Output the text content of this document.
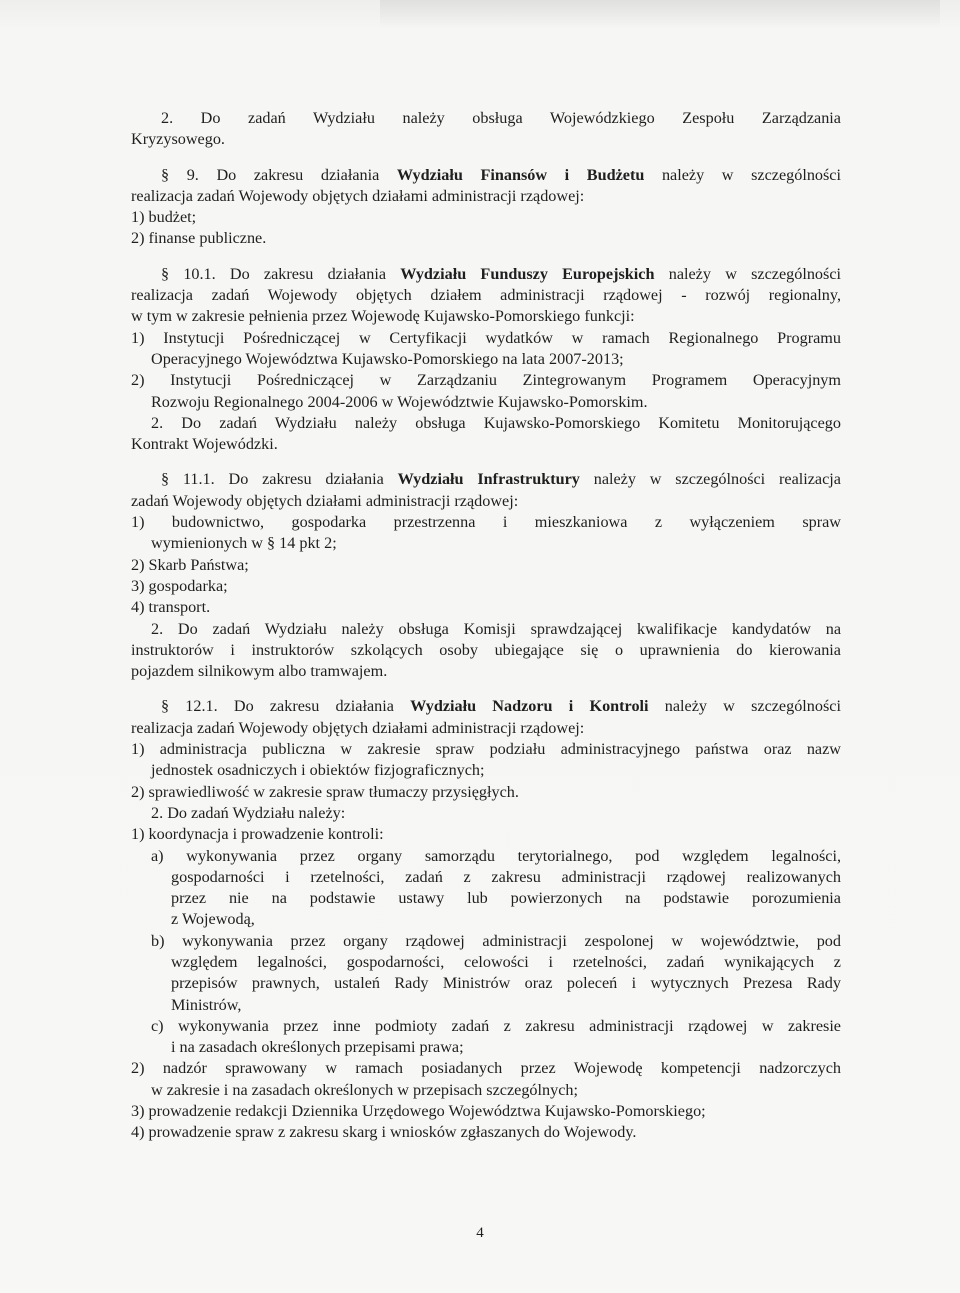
2. Do zadań Wydziału należy obsługa Wojewódzkiego Zespołu Zarządzania
Kryzysowego.
§ 9. Do zakresu działania Wydziału Finansów i Budżetu należy w szczególności
realizacja zadań Wojewody objętych działami administracji rządowej:
1) budżet;
2) finanse publiczne.
§ 10.1. Do zakresu działania Wydziału Funduszy Europejskich należy w szczególności
realizacja zadań Wojewody objętych działem administracji rządowej - rozwój regionalny,
w tym w zakresie pełnienia przez Wojewodę Kujawsko-Pomorskiego funkcji:
1) Instytucji Pośredniczącej w Certyfikacji wydatków w ramach Regionalnego Programu
Operacyjnego Województwa Kujawsko-Pomorskiego na lata 2007-2013;
2) Instytucji Pośredniczącej w Zarządzaniu Zintegrowanym Programem Operacyjnym
Rozwoju Regionalnego 2004-2006 w Województwie Kujawsko-Pomorskim.
2. Do zadań Wydziału należy obsługa Kujawsko-Pomorskiego Komitetu Monitorującego
Kontrakt Wojewódzki.
§ 11.1. Do zakresu działania Wydziału Infrastruktury należy w szczególności realizacja
zadań Wojewody objętych działami administracji rządowej:
1) budownictwo, gospodarka przestrzenna i mieszkaniowa z wyłączeniem spraw
wymienionych w § 14 pkt 2;
2) Skarb Państwa;
3) gospodarka;
4) transport.
2. Do zadań Wydziału należy obsługa Komisji sprawdzającej kwalifikacje kandydatów na
instruktorów i instruktorów szkolących osoby ubiegające się o uprawnienia do kierowania
pojazdem silnikowym albo tramwajem.
§ 12.1. Do zakresu działania Wydziału Nadzoru i Kontroli należy w szczególności
realizacja zadań Wojewody objętych działami administracji rządowej:
1) administracja publiczna w zakresie spraw podziału administracyjnego państwa oraz nazw
jednostek osadniczych i obiektów fizjograficznych;
2) sprawiedliwość w zakresie spraw tłumaczy przysięgłych.
2. Do zadań Wydziału należy:
1) koordynacja i prowadzenie kontroli:
a) wykonywania przez organy samorządu terytorialnego, pod względem legalności,
gospodarności i rzetelności, zadań z zakresu administracji rządowej realizowanych
przez nie na podstawie ustawy lub powierzonych na podstawie porozumienia
z Wojewodą,
b) wykonywania przez organy rządowej administracji zespolonej w województwie, pod
względem legalności, gospodarności, celowości i rzetelności, zadań wynikających z
przepisów prawnych, ustaleń Rady Ministrów oraz poleceń i wytycznych Prezesa Rady
Ministrów,
c) wykonywania przez inne podmioty zadań z zakresu administracji rządowej w zakresie
i na zasadach określonych przepisami prawa;
2) nadzór sprawowany w ramach posiadanych przez Wojewodę kompetencji nadzorczych
w zakresie i na zasadach określonych w przepisach szczególnych;
3) prowadzenie redakcji Dziennika Urzędowego Województwa Kujawsko-Pomorskiego;
4) prowadzenie spraw z zakresu skarg i wniosków zgłaszanych do Wojewody.
4
